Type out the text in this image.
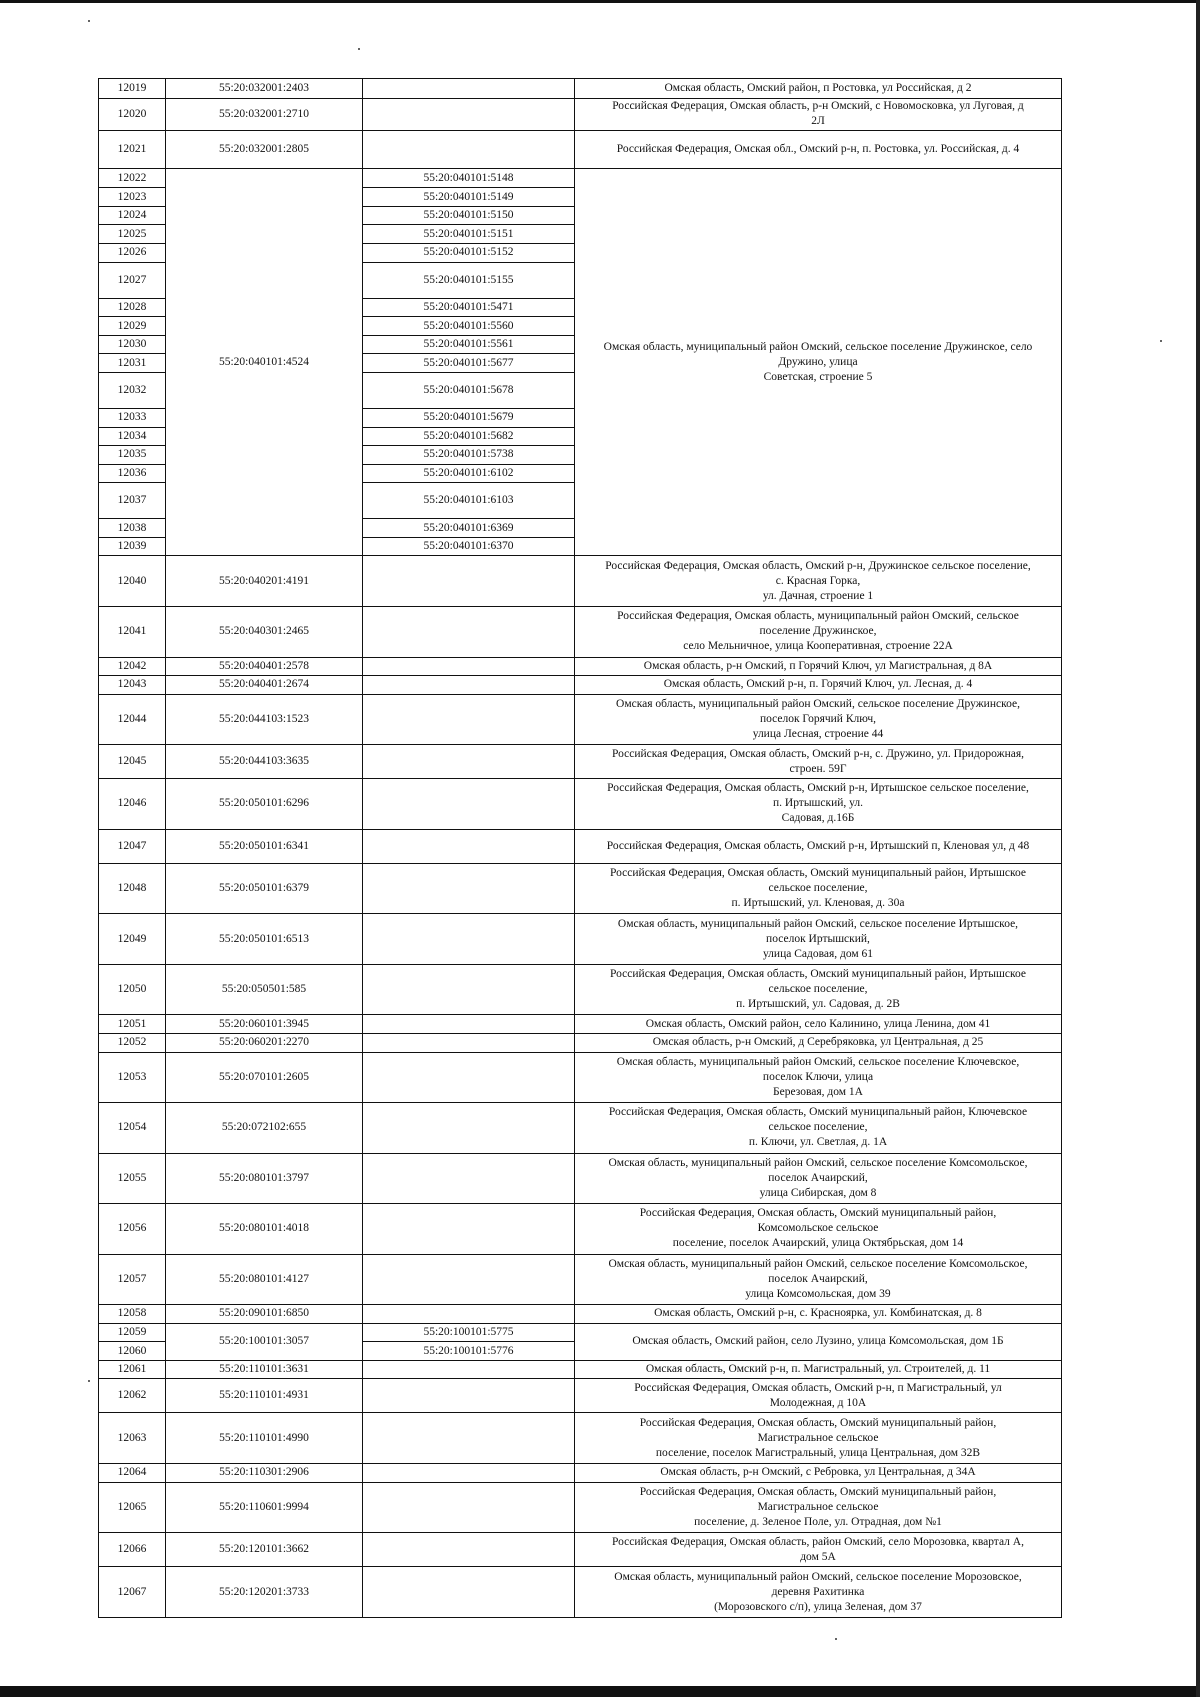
12019	55:20:032001:2403		Омская область, Омский район, п Ростовка, ул Российская, д 2

12020	55:20:032001:2710		Российская Федерация, Омская область, р-н Омский, с Новомосковка, ул Луговая, д
2Л

12021	55:20:032001:2805		Российская Федерация, Омская обл., Омский р-н, п. Ростовка, ул. Российская, д. 4

12022	55:20:040101:4524	55:20:040101:5148	Омская область, муниципальный район Омский, сельское поселение Дружинское, село
Дружино, улица
Советская, строение 5

12023		55:20:040101:5149	
12024		55:20:040101:5150	
12025		55:20:040101:5151	
12026		55:20:040101:5152	
12027		55:20:040101:5155	
12028		55:20:040101:5471	
12029		55:20:040101:5560	
12030		55:20:040101:5561	
12031		55:20:040101:5677	
12032		55:20:040101:5678	
12033		55:20:040101:5679	
12034		55:20:040101:5682	
12035		55:20:040101:5738	
12036		55:20:040101:6102	
12037		55:20:040101:6103	
12038		55:20:040101:6369	
12039		55:20:040101:6370	
12040	55:20:040201:4191		Российская Федерация, Омская область, Омский р-н, Дружинское сельское поселение,
с. Красная Горка,
ул. Дачная, строение 1

12041	55:20:040301:2465		Российская Федерация, Омская область, муниципальный район Омский, сельское
поселение Дружинское,
село Мельничное, улица Кооперативная, строение 22А

12042	55:20:040401:2578		Омская область, р-н Омский, п Горячий Ключ, ул Магистральная, д 8А

12043	55:20:040401:2674		Омская область, Омский р-н, п. Горячий Ключ, ул. Лесная, д. 4

12044	55:20:044103:1523		Омская область, муниципальный район Омский, сельское поселение Дружинское,
поселок Горячий Ключ,
улица Лесная, строение 44

12045	55:20:044103:3635		Российская Федерация, Омская область, Омский р-н, с. Дружино, ул. Придорожная,
строен. 59Г

12046	55:20:050101:6296		Российская Федерация, Омская область, Омский р-н, Иртышское сельское поселение,
п. Иртышский, ул.
Садовая, д.16Б

12047	55:20:050101:6341		Российская Федерация, Омская область, Омский р-н, Иртышский п, Кленовая ул, д 48

12048	55:20:050101:6379		Российская Федерация, Омская область, Омский муниципальный район, Иртышское
сельское поселение,
п. Иртышский, ул. Кленовая, д. 30а

12049	55:20:050101:6513		Омская область, муниципальный район Омский, сельское поселение Иртышское,
поселок Иртышский,
улица Садовая, дом 61

12050	55:20:050501:585		Российская Федерация, Омская область, Омский муниципальный район, Иртышское
сельское поселение,
п. Иртышский, ул. Садовая, д. 2В

12051	55:20:060101:3945		Омская область, Омский район, село Калинино, улица Ленина, дом 41

12052	55:20:060201:2270		Омская область, р-н Омский, д Серебряковка, ул Центральная, д 25

12053	55:20:070101:2605		Омская область, муниципальный район Омский, сельское поселение Ключевское,
поселок Ключи, улица
Березовая, дом 1А

12054	55:20:072102:655		Российская Федерация, Омская область, Омский муниципальный район, Ключевское
сельское поселение,
п. Ключи, ул. Светлая, д. 1А

12055	55:20:080101:3797		Омская область, муниципальный район Омский, сельское поселение Комсомольское,
поселок Ачаирский,
улица Сибирская, дом 8

12056	55:20:080101:4018		Российская Федерация, Омская область, Омский муниципальный район,
Комсомольское сельское
поселение, поселок Ачаирский, улица Октябрьская, дом 14

12057	55:20:080101:4127		Омская область, муниципальный район Омский, сельское поселение Комсомольское,
поселок Ачаирский,
улица Комсомольская, дом 39

12058	55:20:090101:6850		Омская область, Омский р-н, с. Красноярка, ул. Комбинатская, д. 8

12059	55:20:100101:3057	55:20:100101:5775	Омская область, Омский район, село Лузино, улица Комсомольская, дом 1Б

12060		55:20:100101:5776	
12061	55:20:110101:3631		Омская область, Омский р-н, п. Магистральный, ул. Строителей, д. 11

12062	55:20:110101:4931		Российская Федерация, Омская область, Омский р-н, п Магистральный, ул
Молодежная, д 10А

12063	55:20:110101:4990		Российская Федерация, Омская область, Омский муниципальный район,
Магистральное сельское
поселение, поселок Магистральный, улица Центральная, дом 32В

12064	55:20:110301:2906		Омская область, р-н Омский, с Ребровка, ул Центральная, д 34А

12065	55:20:110601:9994		Российская Федерация, Омская область, Омский муниципальный район,
Магистральное сельское
поселение, д. Зеленое Поле, ул. Отрадная, дом №1

12066	55:20:120101:3662		Российская Федерация, Омская область, район Омский, село Морозовка, квартал А,
дом 5А

12067	55:20:120201:3733		Омская область, муниципальный район Омский, сельское поселение Морозовское,
деревня Рахитинка
(Морозовского с/п), улица Зеленая, дом 37
